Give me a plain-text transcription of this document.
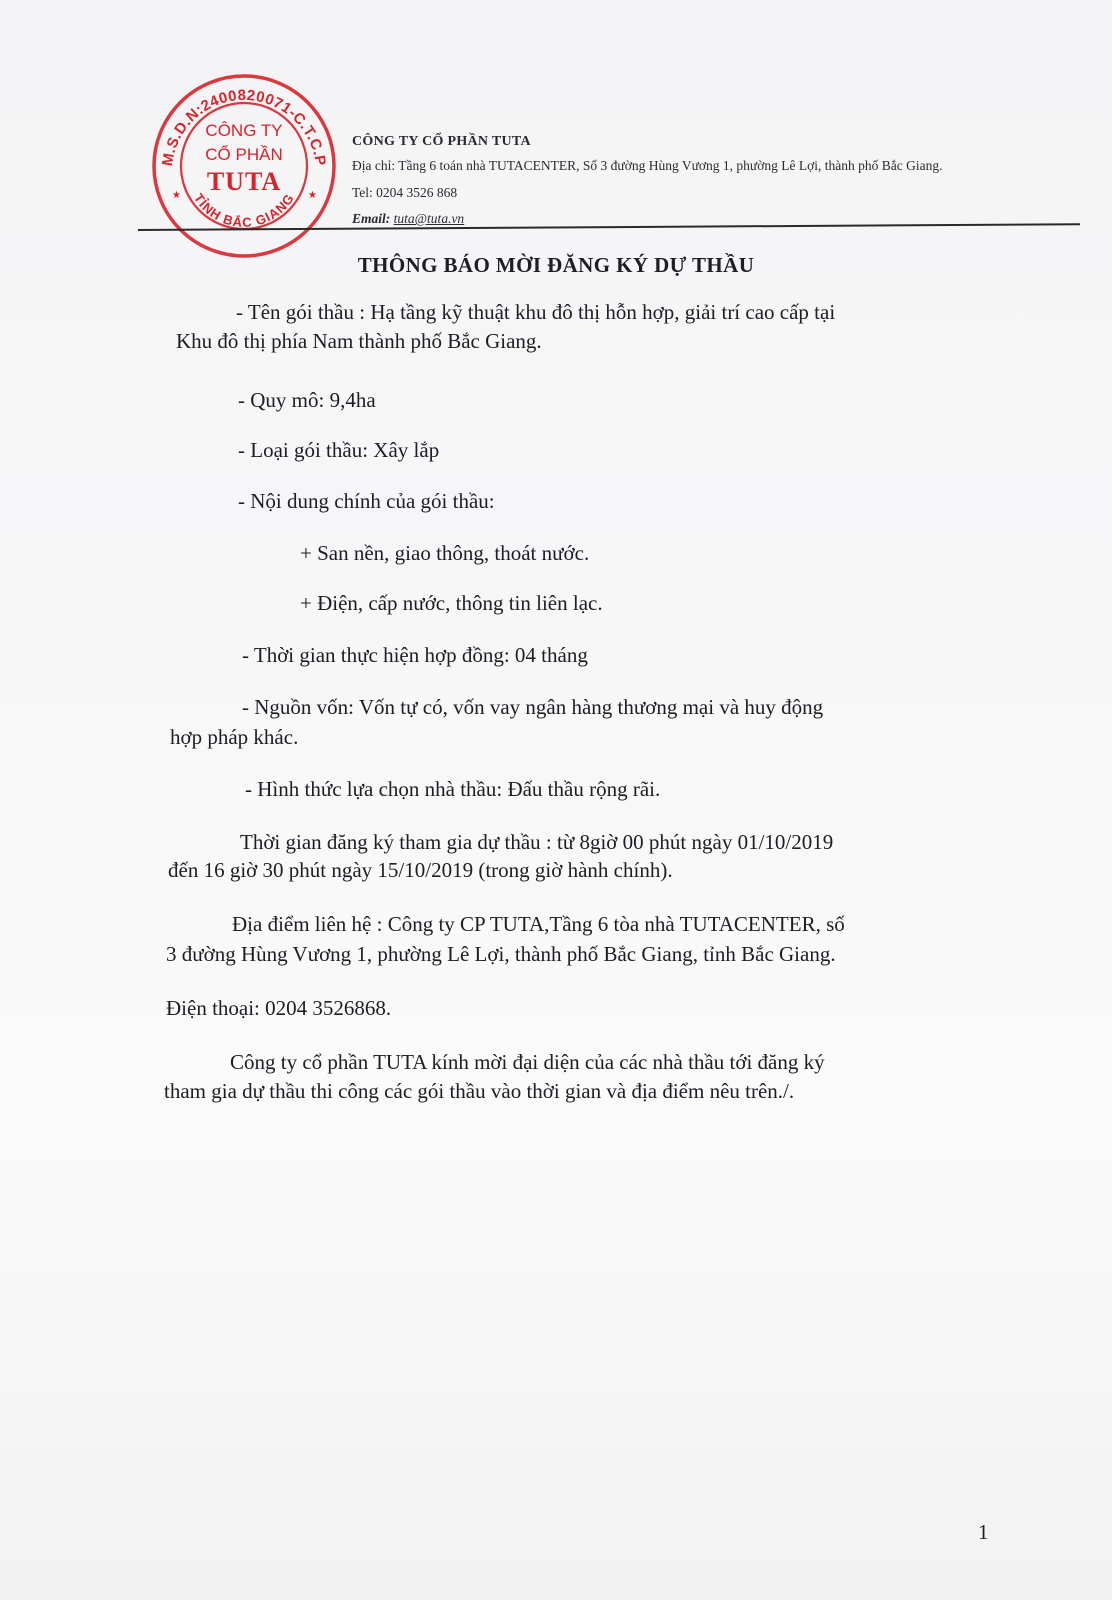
M.S.D.N:2400820071-C.T.C.P
TỈNH BẮC GIANG
CÔNG TY
CỔ PHẦN
TUTA
★	★
CÔNG TY CỔ PHẦN TUTA
Địa chỉ: Tầng 6 toán nhà TUTACENTER, Số 3 đường Hùng Vương 1, phường Lê Lợi, thành phố Bắc Giang.
Tel: 0204 3526 868
Email: tuta@tuta.vn
THÔNG BÁO MỜI ĐĂNG KÝ DỰ THẦU
- Tên gói thầu : Hạ tầng kỹ thuật khu đô thị hỗn hợp, giải trí cao cấp tại
Khu đô thị phía Nam thành phố Bắc Giang.
- Quy mô: 9,4ha
- Loại gói thầu: Xây lắp
- Nội dung chính của gói thầu:
+ San nền, giao thông, thoát nước.
+ Điện, cấp nước, thông tin liên lạc.
- Thời gian thực hiện hợp đồng: 04 tháng
- Nguồn vốn: Vốn tự có, vốn vay ngân hàng thương mại và huy động
hợp pháp khác.
- Hình thức lựa chọn nhà thầu: Đấu thầu rộng rãi.
Thời gian đăng ký tham gia dự thầu : từ 8giờ 00 phút ngày 01/10/2019
đến 16 giờ 30 phút ngày 15/10/2019 (trong giờ hành chính).
Địa điểm liên hệ : Công ty CP TUTA,Tầng 6 tòa nhà TUTACENTER, số
3 đường Hùng Vương 1, phường Lê Lợi, thành phố Bắc Giang, tỉnh Bắc Giang.
Điện thoại: 0204 3526868.
Công ty cổ phần TUTA kính mời đại diện của các nhà thầu tới đăng ký
tham gia dự thầu thi công các gói thầu vào thời gian và địa điểm nêu trên./.
1
